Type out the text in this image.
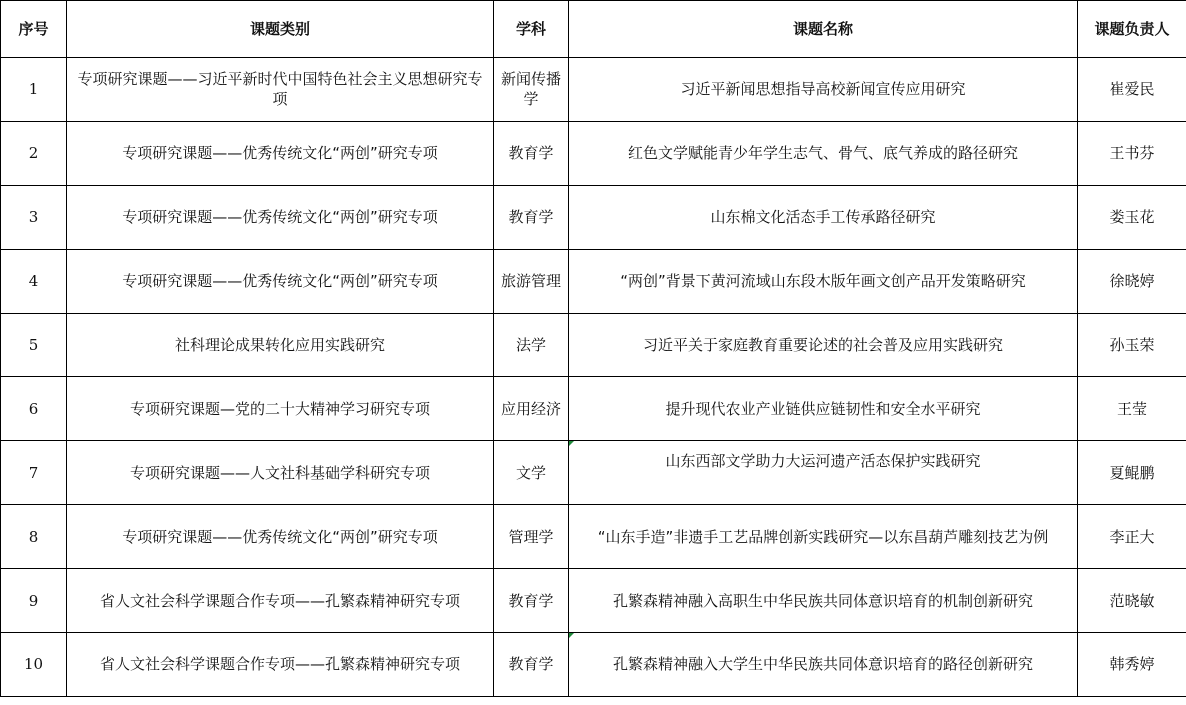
序号	课题类别	学科	课题名称	课题负责人
1	专项研究课题——习近平新时代中国特色社会主义思想研究专项	新闻传播学	习近平新闻思想指导高校新闻宣传应用研究	崔爱民
2	专项研究课题——优秀传统文化“两创”研究专项	教育学	红色文学赋能青少年学生志气、骨气、底气养成的路径研究	王书芬
3	专项研究课题——优秀传统文化“两创”研究专项	教育学	山东棉文化活态手工传承路径研究	娄玉花
4	专项研究课题——优秀传统文化“两创”研究专项	旅游管理	“两创”背景下黄河流域山东段木版年画文创产品开发策略研究	徐晓婷
5	社科理论成果转化应用实践研究	法学	习近平关于家庭教育重要论述的社会普及应用实践研究	孙玉荣
6	专项研究课题—党的二十大精神学习研究专项	应用经济	提升现代农业产业链供应链韧性和安全水平研究	王莹
7	专项研究课题——人文社科基础学科研究专项	文学	山东西部文学助力大运河遗产活态保护实践研究	夏鲲鹏
8	专项研究课题——优秀传统文化“两创”研究专项	管理学	“山东手造”非遗手工艺品牌创新实践研究—以东昌葫芦雕刻技艺为例	李正大
9	省人文社会科学课题合作专项——孔繁森精神研究专项	教育学	孔繁森精神融入高职生中华民族共同体意识培育的机制创新研究	范晓敏
10	省人文社会科学课题合作专项——孔繁森精神研究专项	教育学	孔繁森精神融入大学生中华民族共同体意识培育的路径创新研究	韩秀婷
